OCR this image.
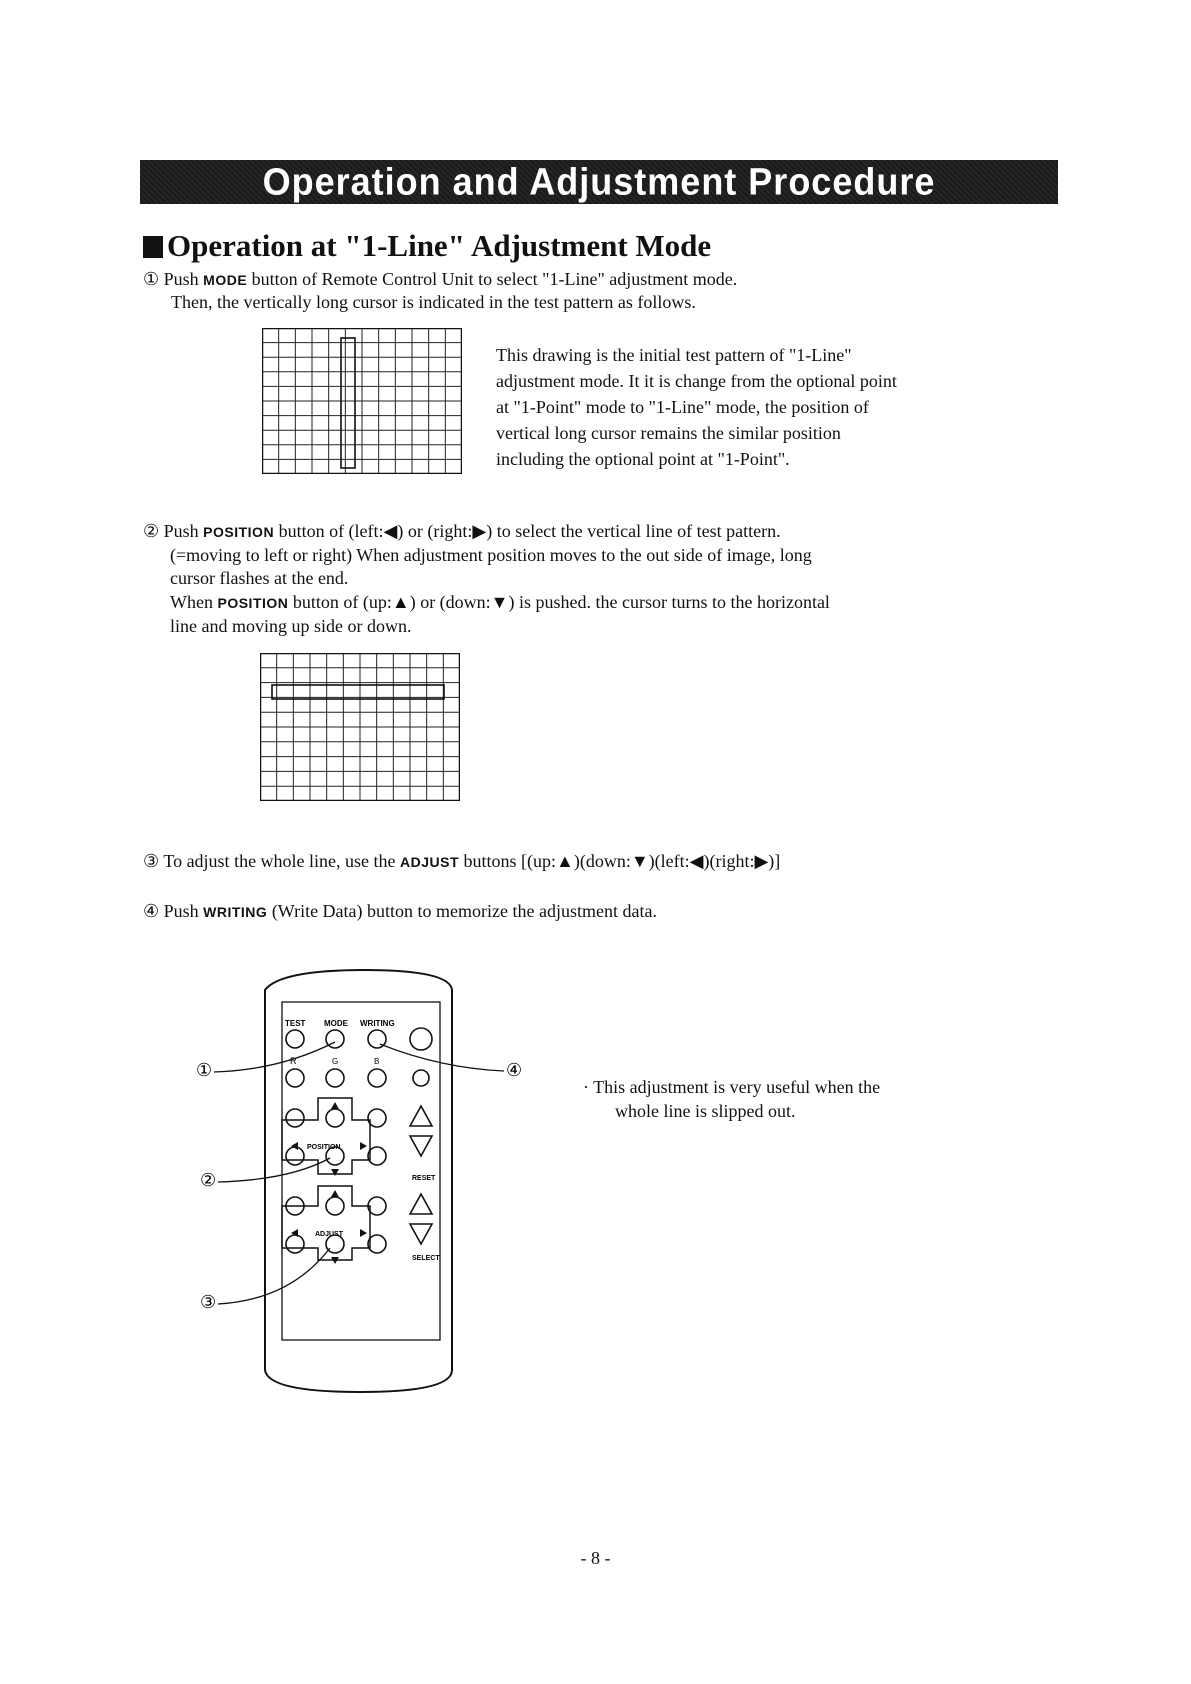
Operation and Adjustment Procedure
Operation at "1-Line" Adjustment Mode
① Push MODE button of Remote Control Unit to select "1-Line" adjustment mode.
Then, the vertically long cursor is indicated in the test pattern as follows.
This drawing is the initial test pattern of "1-Line"
adjustment mode. It it is change from the optional point
at "1-Point" mode to "1-Line" mode, the position of
vertical long cursor remains the similar position
including the optional point at "1-Point".
② Push POSITION button of (left:◀) or (right:▶) to select the vertical line of test pattern.
(=moving to left or right) When adjustment position moves to the out side of image, long
cursor flashes at the end.
When POSITION button of (up:▲) or (down:▼) is pushed. the cursor turns to the horizontal
line and moving up side or down.
③ To adjust the whole line, use the ADJUST buttons [(up:▲)(down:▼)(left:◀)(right:▶)]
④ Push WRITING (Write Data) button to memorize the adjustment data.
TEST MODE WRITING
R	G	B
POSITION
RESET
ADJUST
SELECT
①	④
②
③
· This adjustment is very useful when the
whole line is slipped out.
- 8 -
